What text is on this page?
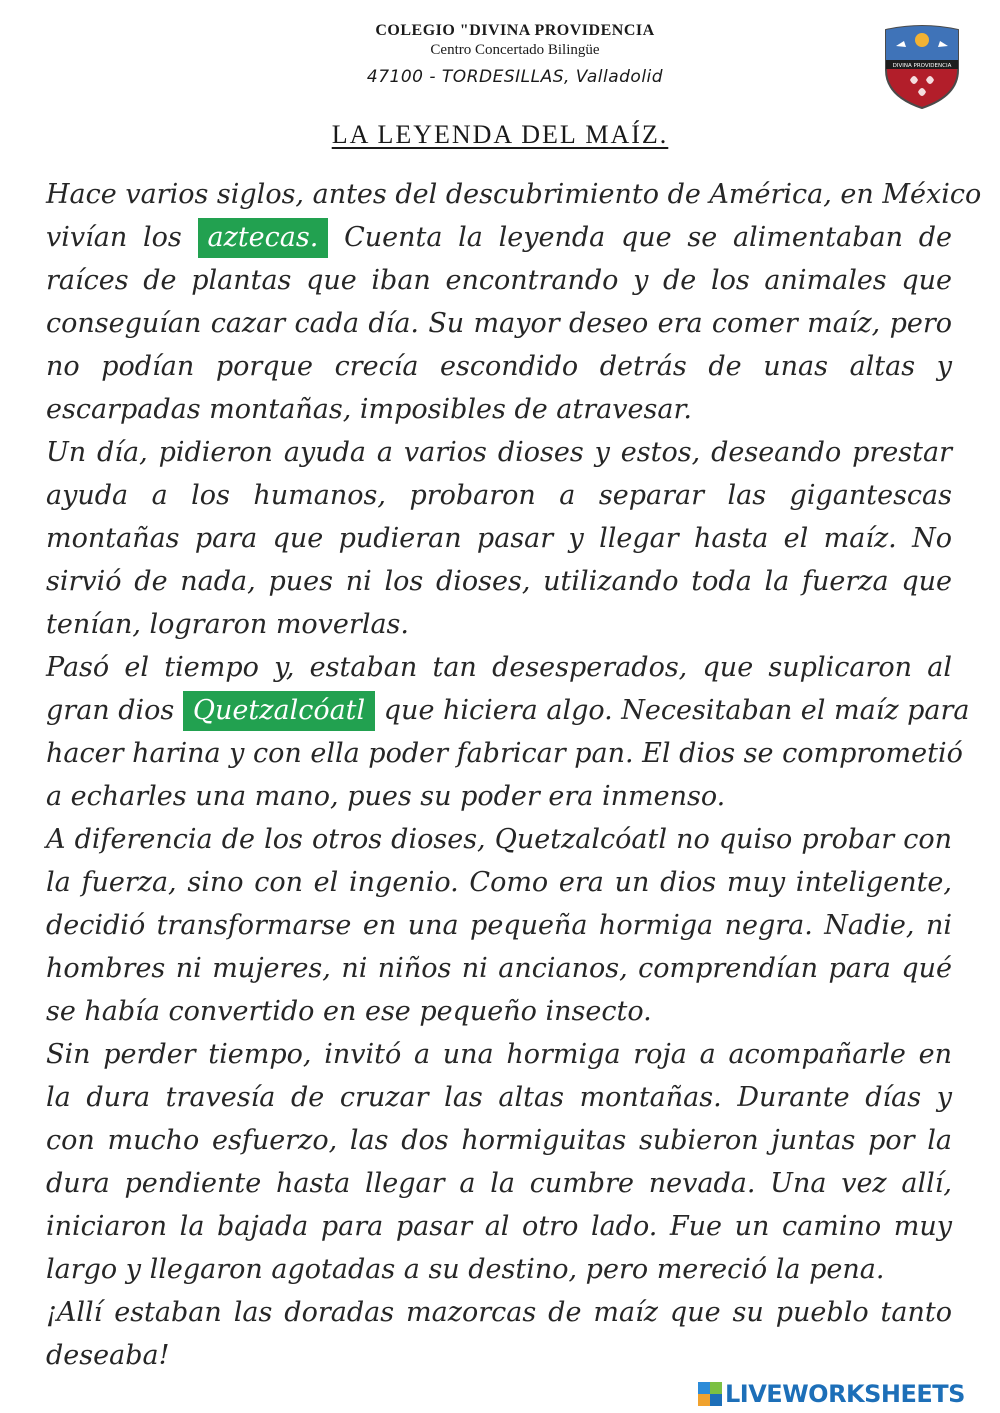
COLEGIO "DIVINA PROVIDENCIA
Centro Concertado Bilingüe
47100 - TORDESILLAS, Valladolid
DIVINA PROVIDENCIA
LA LEYENDA DEL MAÍZ.
Hace varios siglos, antes del descubrimiento de América, en México
vivían los aztecas. Cuenta la leyenda que se alimentaban de
raíces de plantas que iban encontrando y de los animales que
conseguían cazar cada día. Su mayor deseo era comer maíz, pero
no podían porque crecía escondido detrás de unas altas y
escarpadas montañas, imposibles de atravesar.
Un día, pidieron ayuda a varios dioses y estos, deseando prestar
ayuda a los humanos, probaron a separar las gigantescas
montañas para que pudieran pasar y llegar hasta el maíz. No
sirvió de nada, pues ni los dioses, utilizando toda la fuerza que
tenían, lograron moverlas.
Pasó el tiempo y, estaban tan desesperados, que suplicaron al
gran dios Quetzalcóatl que hiciera algo. Necesitaban el maíz para
hacer harina y con ella poder fabricar pan. El dios se comprometió
a echarles una mano, pues su poder era inmenso.
A diferencia de los otros dioses, Quetzalcóatl no quiso probar con
la fuerza, sino con el ingenio. Como era un dios muy inteligente,
decidió transformarse en una pequeña hormiga negra. Nadie, ni
hombres ni mujeres, ni niños ni ancianos, comprendían para qué
se había convertido en ese pequeño insecto.
Sin perder tiempo, invitó a una hormiga roja a acompañarle en
la dura travesía de cruzar las altas montañas. Durante días y
con mucho esfuerzo, las dos hormiguitas subieron juntas por la
dura pendiente hasta llegar a la cumbre nevada. Una vez allí,
iniciaron la bajada para pasar al otro lado. Fue un camino muy
largo y llegaron agotadas a su destino, pero mereció la pena.
¡Allí estaban las doradas mazorcas de maíz que su pueblo tanto
deseaba!
LIVEWORKSHEETS
